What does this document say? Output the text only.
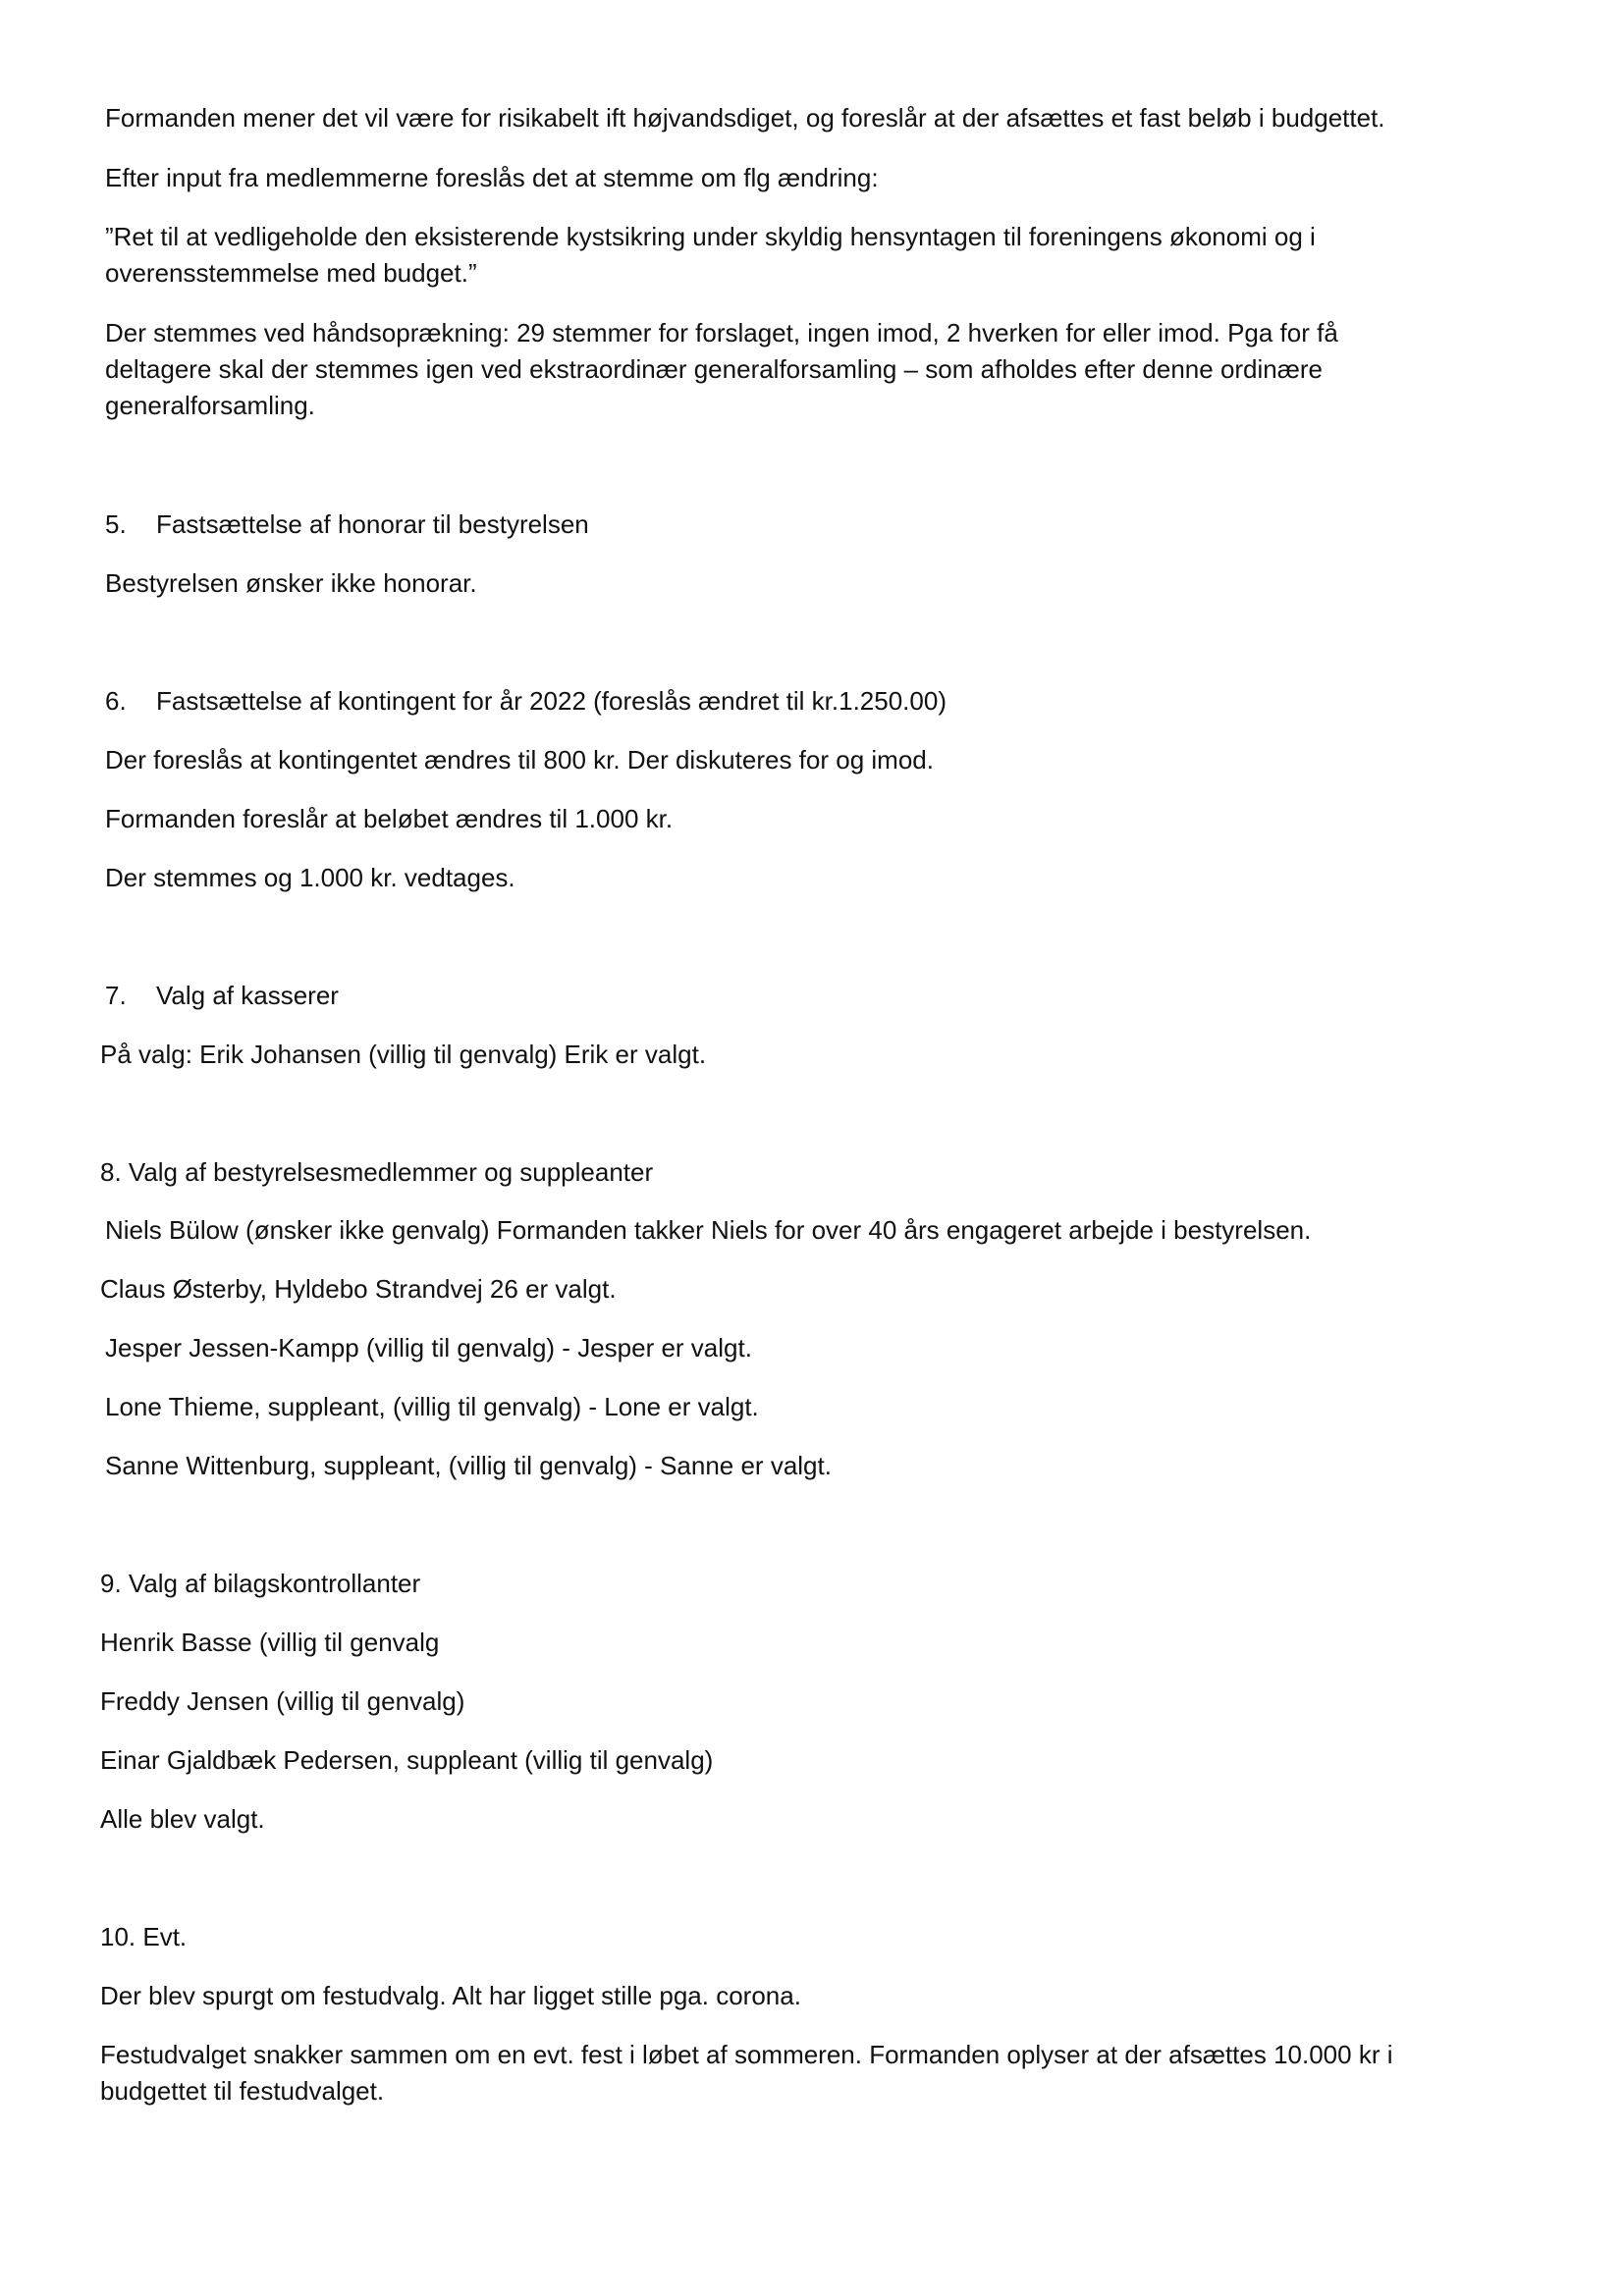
Formanden mener det vil være for risikabelt ift højvandsdiget, og foreslår at der afsættes et fast beløb i budgettet.

Efter input fra medlemmerne foreslås det at stemme om flg ændring:

”Ret til at vedligeholde den eksisterende kystsikring under skyldig hensyntagen til foreningens økonomi og i

overensstemmelse med budget.”

Der stemmes ved håndsoprækning: 29 stemmer for forslaget, ingen imod, 2 hverken for eller imod. Pga for få

deltagere skal der stemmes igen ved ekstraordinær generalforsamling – som afholdes efter denne ordinære

generalforsamling.

5. Fastsættelse af honorar til bestyrelsen

Bestyrelsen ønsker ikke honorar.

6. Fastsættelse af kontingent for år 2022 (foreslås ændret til kr.1.250.00)

Der foreslås at kontingentet ændres til 800 kr. Der diskuteres for og imod.

Formanden foreslår at beløbet ændres til 1.000 kr.

Der stemmes og 1.000 kr. vedtages.

7. Valg af kasserer

På valg: Erik Johansen (villig til genvalg) Erik er valgt.

8. Valg af bestyrelsesmedlemmer og suppleanter

Niels Bülow (ønsker ikke genvalg) Formanden takker Niels for over 40 års engageret arbejde i bestyrelsen.

Claus Østerby, Hyldebo Strandvej 26 er valgt.

Jesper Jessen-Kampp (villig til genvalg) - Jesper er valgt.

Lone Thieme, suppleant, (villig til genvalg) - Lone er valgt.

Sanne Wittenburg, suppleant, (villig til genvalg) - Sanne er valgt.

9. Valg af bilagskontrollanter

Henrik Basse (villig til genvalg

Freddy Jensen (villig til genvalg)

Einar Gjaldbæk Pedersen, suppleant (villig til genvalg)

Alle blev valgt.

10. Evt.

Der blev spurgt om festudvalg. Alt har ligget stille pga. corona.

Festudvalget snakker sammen om en evt. fest i løbet af sommeren. Formanden oplyser at der afsættes 10.000 kr i

budgettet til festudvalget.
